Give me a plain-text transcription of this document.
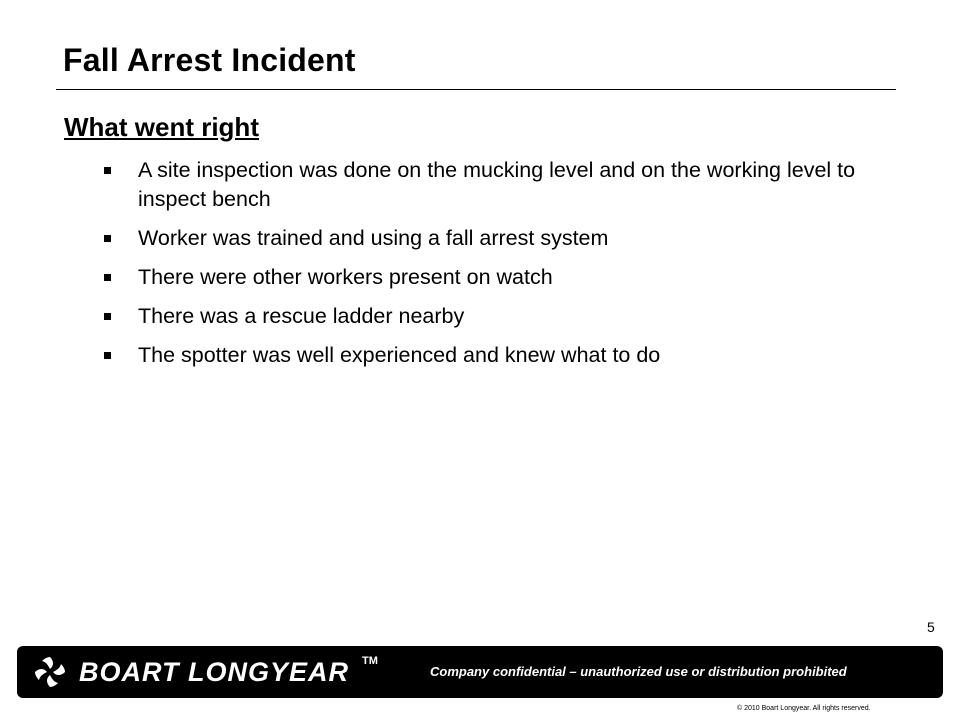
Fall Arrest Incident
What went right
A site inspection was done on the mucking level and on the working level to inspect bench
Worker was trained and using a fall arrest system
There were other workers present on watch
There was a rescue ladder nearby
The spotter was well experienced and knew what to do
5
BOART LONGYEAR TM
Company confidential – unauthorized use or distribution prohibited
© 2010 Boart Longyear. All rights reserved.
